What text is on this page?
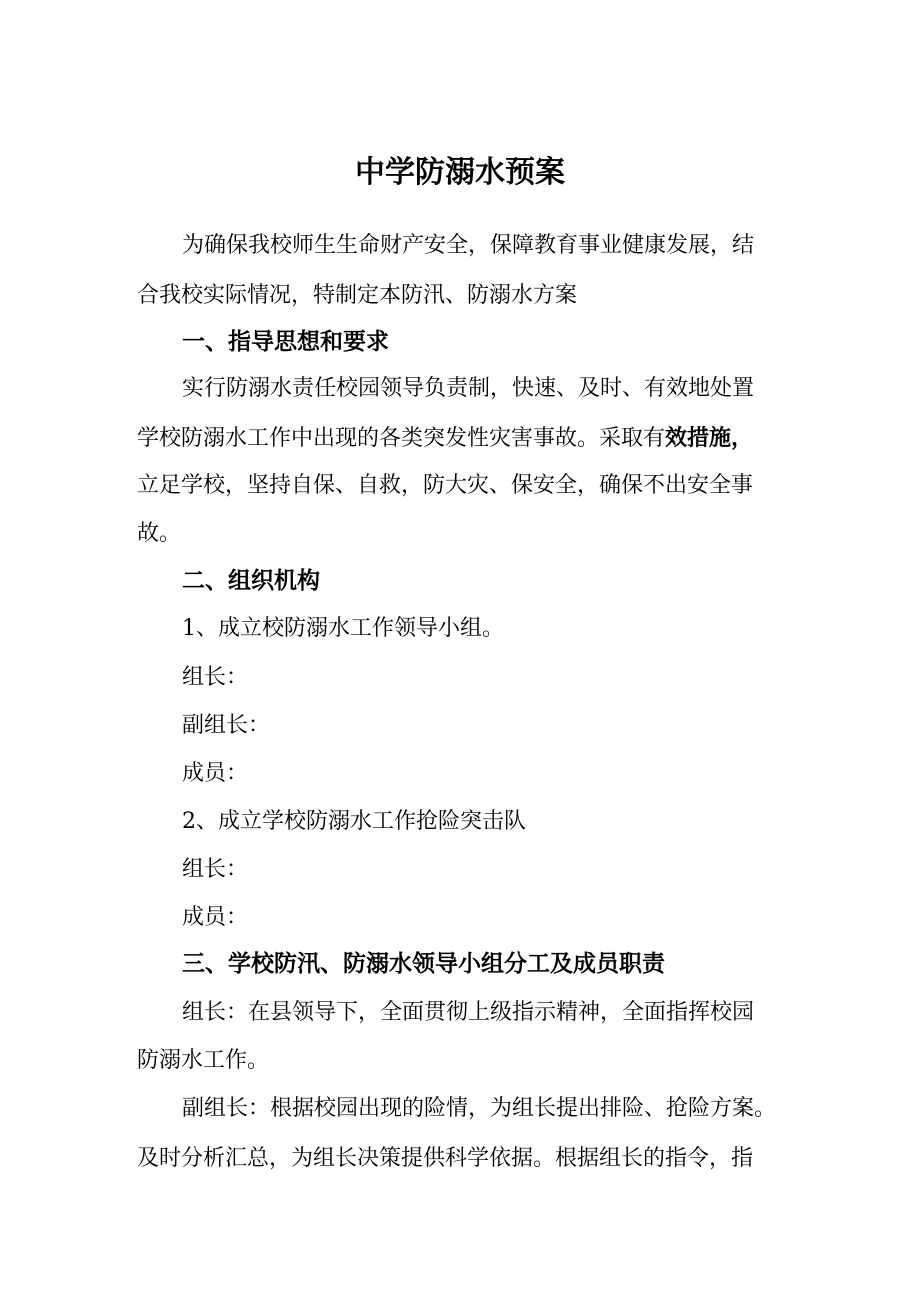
中学防溺水预案
为确保我校师生生命财产安全，保障教育事业健康发展，结
合我校实际情况，特制定本防汛、防溺水方案
一、指导思想和要求
实行防溺水责任校园领导负责制，快速、及时、有效地处置
学校防溺水工作中出现的各类突发性灾害事故。采取有效措施，
立足学校，坚持自保、自救，防大灾、保安全，确保不出安全事
故。
二、组织机构
1、成立校防溺水工作领导小组。
组长：
副组长：
成员：
2、成立学校防溺水工作抢险突击队
组长：
成员：
三、学校防汛、防溺水领导小组分工及成员职责
组长：在县领导下，全面贯彻上级指示精神，全面指挥校园
防溺水工作。
副组长：根据校园出现的险情，为组长提出排险、抢险方案。
及时分析汇总，为组长决策提供科学依据。根据组长的指令，指
